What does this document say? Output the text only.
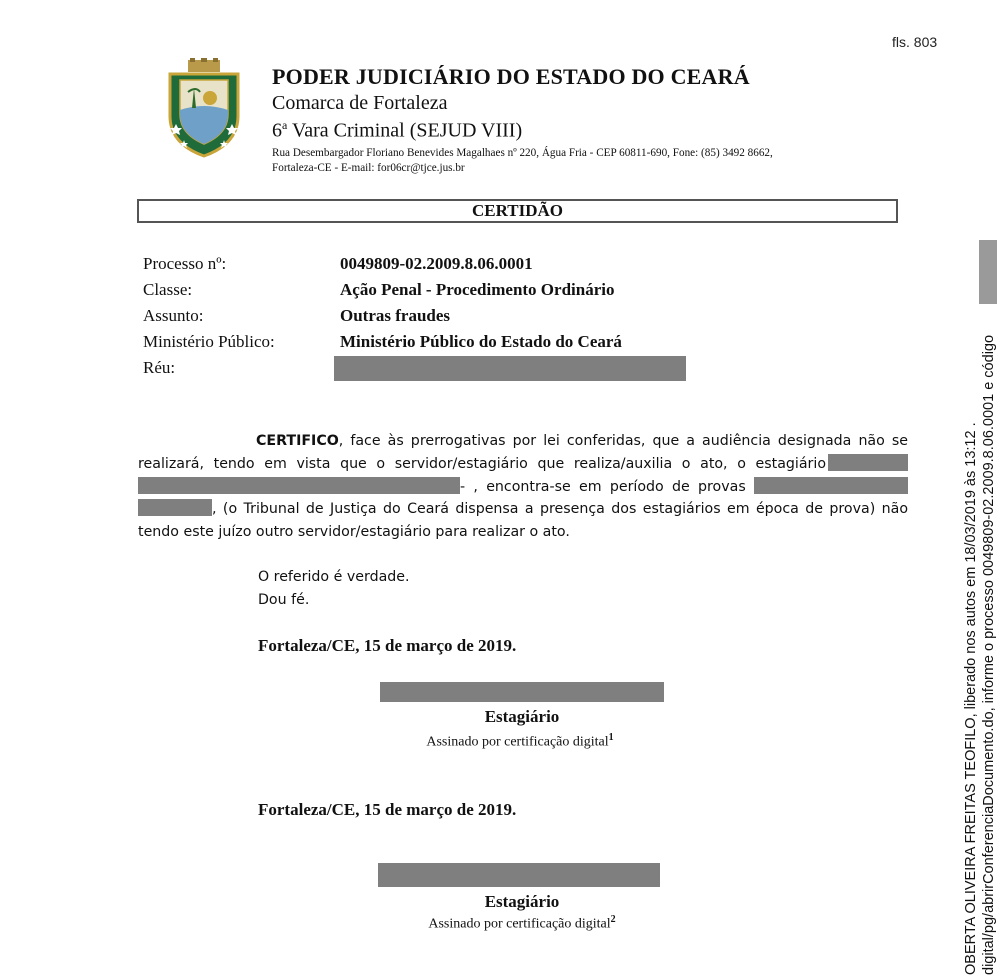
fls. 803
PODER JUDICIÁRIO DO ESTADO DO CEARÁ
Comarca de Fortaleza
6$^a$ Vara Criminal (SEJUD VIII)
Rua Desembargador Floriano Benevides Magalhaes nº 220, Água Fria - CEP 60811-690, Fone: (85) 3492 8662,
Fortaleza-CE - E-mail: for06cr@tjce.jus.br
CERTIDÃO
Processo nº:	0049809-02.2009.8.06.0001
Classe:	Ação Penal - Procedimento Ordinário
Assunto:	Outras fraudes
Ministério Público:	Ministério Público do Estado do Ceará
Réu:
CERTIFICO, face às prerrogativas por lei conferidas, que a audiência designada não se realizará, tendo em vista que o servidor/estagiário que realiza/auxilia o ato, o estagiário - , encontra-se em período de provas  , (o Tribunal de Justiça do Ceará dispensa a presença dos estagiários em época de prova) não tendo este juízo outro servidor/estagiário para realizar o ato.
O referido é verdade.
Dou fé.
Fortaleza/CE, 15 de março de 2019.
Estagiário
Assinado por certificação digital$^1$
Fortaleza/CE, 15 de março de 2019.
Estagiário
Assinado por certificação digital$^2$	OBERTA OLIVEIRA FREITAS TEOFILO, liberado nos autos em 18/03/2019 às 13:12 . digital/pg/abrirConferenciaDocumento.do, informe o processo 0049809-02.2009.8.06.0001 e código
